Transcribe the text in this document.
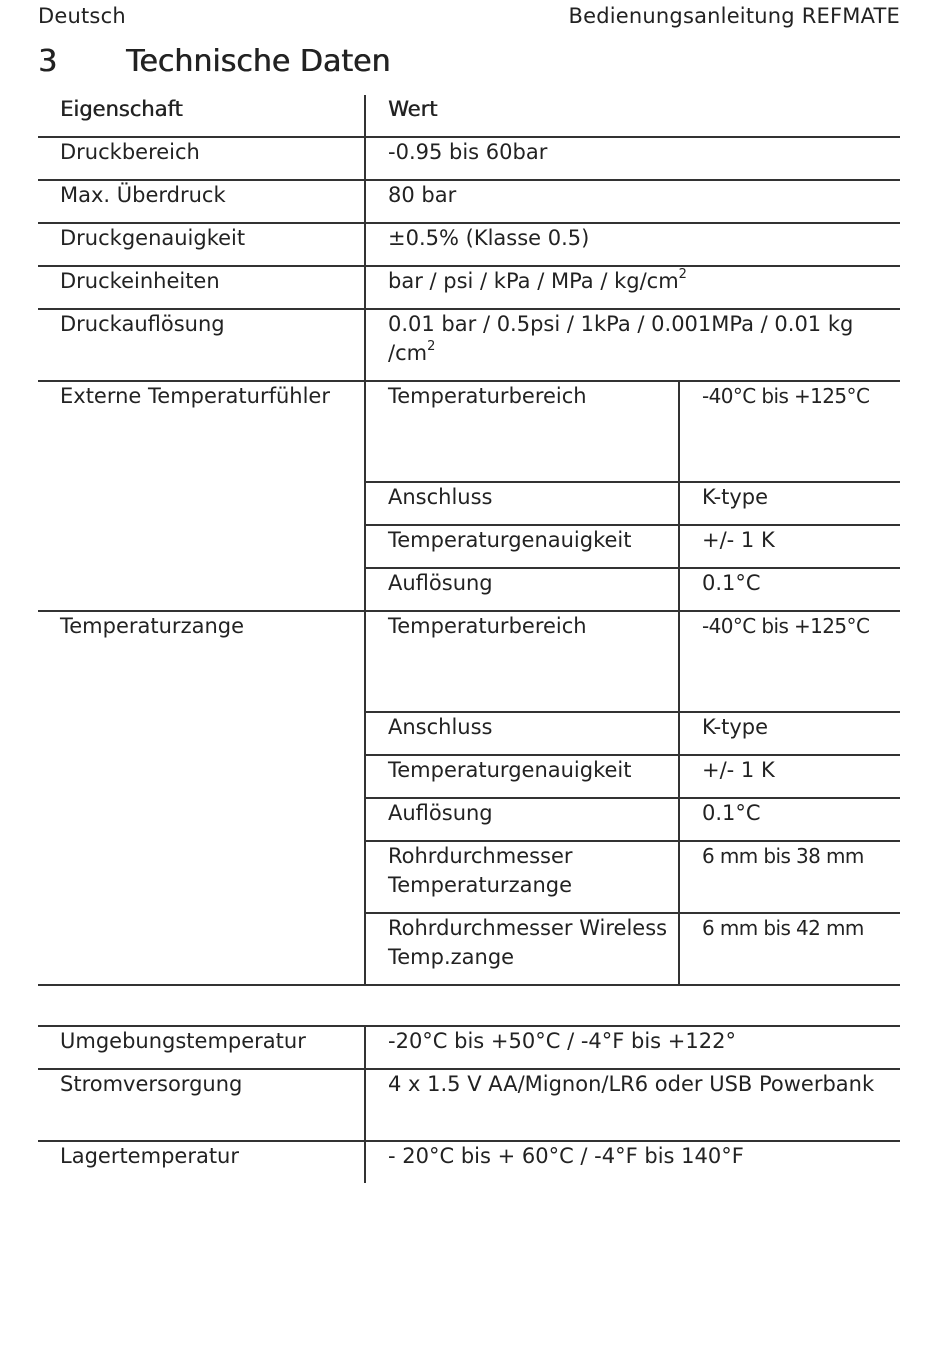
Deutsch	Bedienungsanleitung REFMATE
3 Technische Daten
Eigenschaft	Wert	
Druckbereich	-0.95 bis 60bar	
Max. Überdruck	80 bar	
Druckgenauigkeit	±0.5% (Klasse 0.5)	
Druckeinheiten	bar / psi / kPa / MPa / $kg/cm^2$
Druckauflösung	0.01 bar / 0.5psi / 1kPa / 0.001MPa / 0.01 kg $/cm^2$
Externe Temperaturfühler	Temperaturbereich	-40°C bis +125°C
	Anschluss	K-type
	Temperaturgenauigkeit	+/- 1 K
	Auflösung	0.1°C
Temperaturzange	Temperaturbereich	-40°C bis +125°C
	Anschluss	K-type
	Temperaturgenauigkeit	+/- 1 K
	Auflösung	0.1°C
	Rohrdurchmesser Temperaturzange	6 mm bis 38 mm
	Rohrdurchmesser Wireless Temp.zange	6 mm bis 42 mm
Umgebungstemperatur	-20°C bis +50°C / -4°F bis +122°
Stromversorgung	4 x 1.5 V AA/Mignon/LR6 oder USB Powerbank
Lagertemperatur	- 20°C bis + 60°C / -4°F bis 140°F
